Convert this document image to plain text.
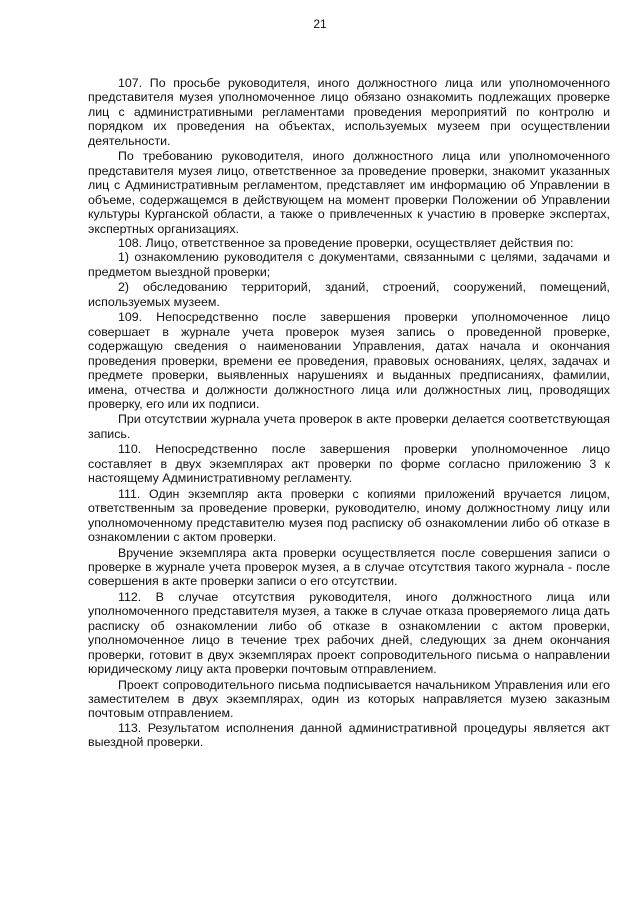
21

107. По просьбе руководителя, иного должностного лица или уполномоченного представителя музея уполномоченное лицо обязано ознакомить подлежащих проверке лиц с административными регламентами проведения мероприятий по контролю и порядком их проведения на объектах, используемых музеем при осуществлении деятельности.

По требованию руководителя, иного должностного лица или уполномоченного представителя музея лицо, ответственное за проведение проверки, знакомит указанных лиц с Административным регламентом, представляет им информацию об Управлении в объеме, содержащемся в действующем на момент проверки Положении об Управлении культуры Курганской области, а также о привлеченных к участию в проверке экспертах, экспертных организациях.

108. Лицо, ответственное за проведение проверки, осуществляет действия по:

1) ознакомлению руководителя с документами, связанными с целями, задачами и предметом выездной проверки;

2) обследованию территорий, зданий, строений, сооружений, помещений, используемых музеем.

109. Непосредственно после завершения проверки уполномоченное лицо совершает в журнале учета проверок музея запись о проведенной проверке, содержащую сведения о наименовании Управления, датах начала и окончания проведения проверки, времени ее проведения, правовых основаниях, целях, задачах и предмете проверки, выявленных нарушениях и выданных предписаниях, фамилии, имена, отчества и должности должностного лица или должностных лиц, проводящих проверку, его или их подписи.

При отсутствии журнала учета проверок в акте проверки делается соответствующая запись.

110. Непосредственно после завершения проверки уполномоченное лицо составляет в двух экземплярах акт проверки по форме согласно приложению 3 к настоящему Административному регламенту.

111. Один экземпляр акта проверки с копиями приложений вручается лицом, ответственным за проведение проверки, руководителю, иному должностному лицу или уполномоченному представителю музея под расписку об ознакомлении либо об отказе в ознакомлении с актом проверки.

Вручение экземпляра акта проверки осуществляется после совершения записи о проверке в журнале учета проверок музея, а в случае отсутствия такого журнала - после совершения в акте проверки записи о его отсутствии.

112. В случае отсутствия руководителя, иного должностного лица или уполномоченного представителя музея, а также в случае отказа проверяемого лица дать расписку об ознакомлении либо об отказе в ознакомлении с актом проверки, уполномоченное лицо в течение трех рабочих дней, следующих за днем окончания проверки, готовит в двух экземплярах проект сопроводительного письма о направлении юридическому лицу акта проверки почтовым отправлением.

Проект сопроводительного письма подписывается начальником Управления или его заместителем в двух экземплярах, один из которых направляется музею заказным почтовым отправлением.

113. Результатом исполнения данной административной процедуры является акт выездной проверки.
